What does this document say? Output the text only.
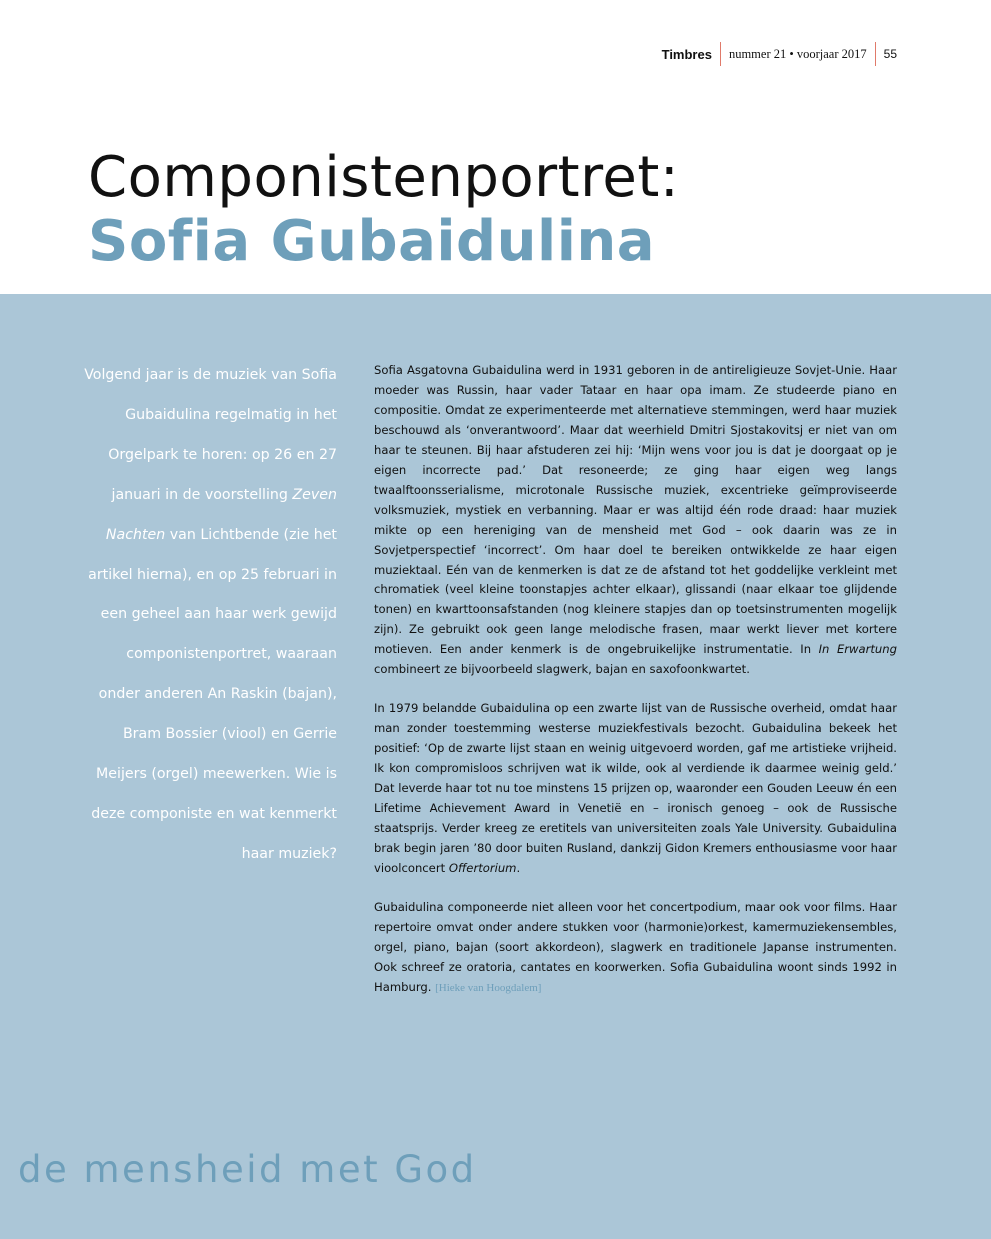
Timbres nummer 21 • voorjaar 2017 55
Componistenportret:
Sofia Gubaidulina
Volgend jaar is de muziek van Sofia Gubaidulina regelmatig in het Orgelpark te horen: op 26 en 27 januari in de voorstelling Zeven Nachten van Lichtbende (zie het artikel hierna), en op 25 februari in een geheel aan haar werk gewijd componistenportret, waaraan onder anderen An Raskin (bajan), Bram Bossier (viool) en Gerrie Meijers (orgel) meewerken. Wie is deze componiste en wat kenmerkt haar muziek?

Sofia Asgatovna Gubaidulina werd in 1931 geboren in de antireligieuze Sovjet-Unie. Haar moeder was Russin, haar vader Tataar en haar opa imam. Ze studeerde piano en compositie. Omdat ze experimenteerde met alternatieve stemmingen, werd haar muziek beschouwd als ‘onverantwoord’. Maar dat weerhield Dmitri Sjostakovitsj er niet van om haar te steunen. Bij haar afstuderen zei hij: ‘Mijn wens voor jou is dat je doorgaat op je eigen incorrecte pad.’ Dat resoneerde; ze ging haar eigen weg langs twaalftoonsserialisme, microtonale Russische muziek, excentrieke geïmproviseerde volksmuziek, mystiek en verbanning. Maar er was altijd één rode draad: haar muziek mikte op een hereniging van de mensheid met God – ook daarin was ze in Sovjetperspectief ‘incorrect’. Om haar doel te bereiken ontwikkelde ze haar eigen muziektaal. Eén van de kenmerken is dat ze de afstand tot het goddelijke verkleint met chromatiek (veel kleine toonstapjes achter elkaar), glissandi (naar elkaar toe glijdende tonen) en kwarttoonsafstanden (nog kleinere stapjes dan op toetsinstrumenten mogelijk zijn). Ze gebruikt ook geen lange melodische frasen, maar werkt liever met kortere motieven. Een ander kenmerk is de ongebruikelijke instrumentatie. In In Erwartung combineert ze bijvoorbeeld slagwerk, bajan en saxofoonkwartet.

In 1979 belandde Gubaidulina op een zwarte lijst van de Russische overheid, omdat haar man zonder toestemming westerse muziekfestivals bezocht. Gubaidulina bekeek het positief: ‘Op de zwarte lijst staan en weinig uitgevoerd worden, gaf me artistieke vrijheid. Ik kon compromisloos schrijven wat ik wilde, ook al verdiende ik daarmee weinig geld.’ Dat leverde haar tot nu toe minstens 15 prijzen op, waaronder een Gouden Leeuw én een Lifetime Achievement Award in Venetië en – ironisch genoeg – ook de Russische staatsprijs. Verder kreeg ze eretitels van universiteiten zoals Yale University. Gubaidulina brak begin jaren ’80 door buiten Rusland, dankzij Gidon Kremers enthousiasme voor haar vioolconcert Offertorium.

Gubaidulina componeerde niet alleen voor het concertpodium, maar ook voor films. Haar repertoire omvat onder andere stukken voor (harmonie)orkest, kamermuziekensembles, orgel, piano, bajan (soort akkordeon), slagwerk en traditionele Japanse instrumenten. Ook schreef ze oratoria, cantates en koorwerken. Sofia Gubaidulina woont sinds 1992 in Hamburg. [Hieke van Hoogdalem]

de mensheid met God
